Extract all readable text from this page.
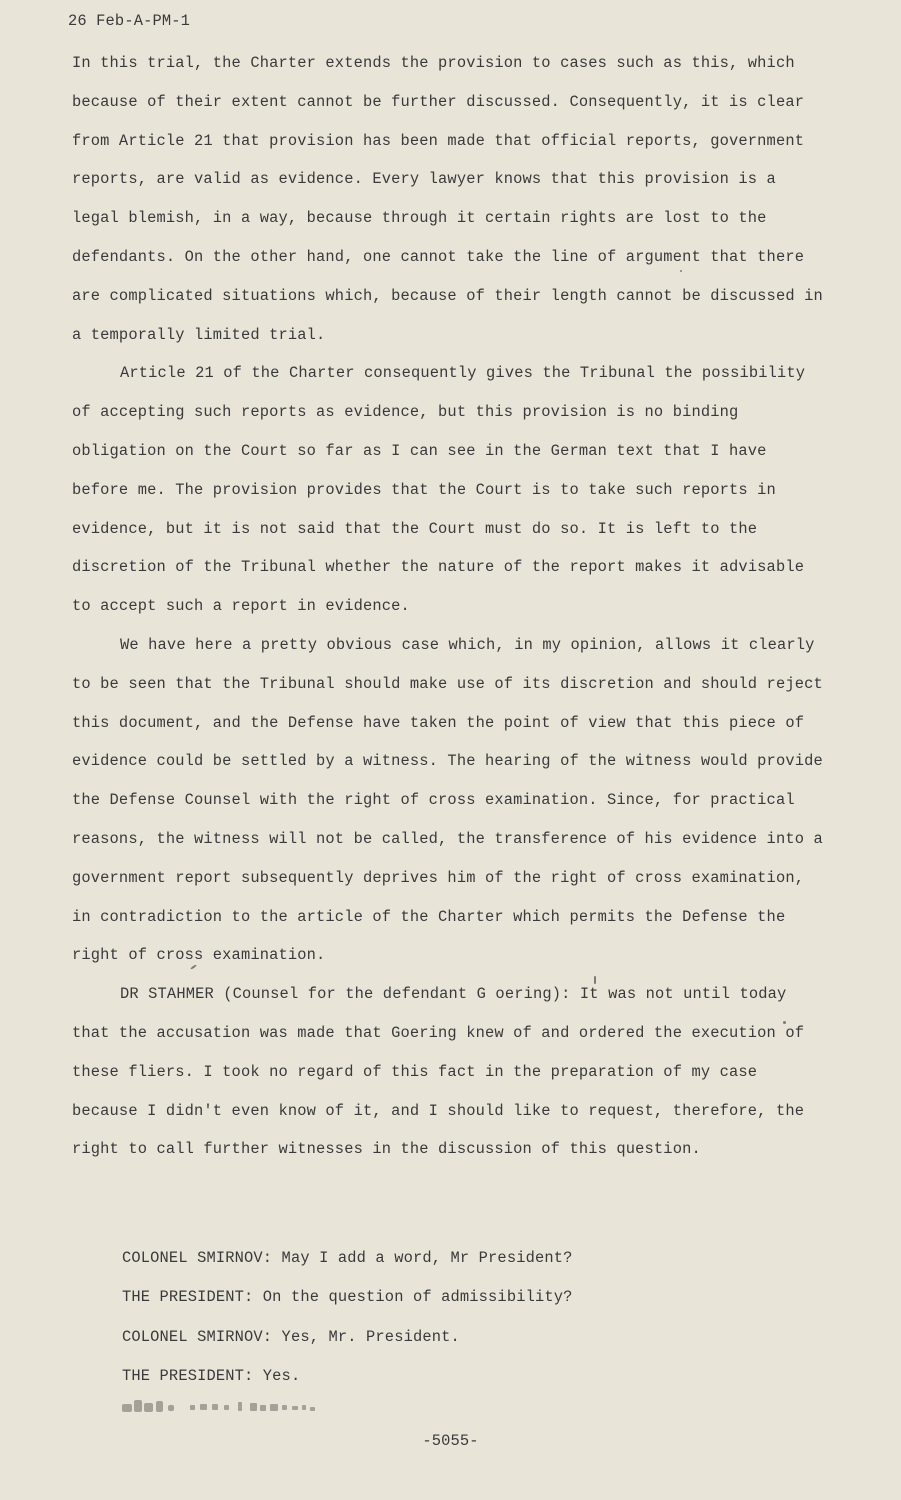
26 Feb-A-PM-1

In this trial, the Charter extends the provision to cases such as this, which because of their extent cannot be further discussed. Consequently, it is clear from Article 21 that provision has been made that official reports, government reports, are valid as evidence. Every lawyer knows that this provision is a legal blemish, in a way, because through it certain rights are lost to the defendants. On the other hand, one cannot take the line of argument that there are complicated situations which, because of their length cannot be discussed in a temporally limited trial.

Article 21 of the Charter consequently gives the Tribunal the possibility of accepting such reports as evidence, but this provision is no binding obligation on the Court so far as I can see in the German text that I have before me. The provision provides that the Court is to take such reports in evidence, but it is not said that the Court must do so. It is left to the discretion of the Tribunal whether the nature of the report makes it advisable to accept such a report in evidence.

We have here a pretty obvious case which, in my opinion, allows it clearly to be seen that the Tribunal should make use of its discretion and should reject this document, and the Defense have taken the point of view that this piece of evidence could be settled by a witness. The hearing of the witness would provide the Defense Counsel with the right of cross examination. Since, for practical reasons, the witness will not be called, the transference of his evidence into a government report subsequently deprives him of the right of cross examination, in contradiction to the article of the Charter which permits the Defense the right of cross examination.

DR STAHMER (Counsel for the defendant G oering): It was not until today that the accusation was made that Goering knew of and ordered the execution of these fliers. I took no regard of this fact in the preparation of my case because I didn't even know of it, and I should like to request, therefore, the right to call further witnesses in the discussion of this question.

COLONEL SMIRNOV: May I add a word, Mr President?

THE PRESIDENT: On the question of admissibility?

COLONEL SMIRNOV: Yes, Mr. President.

THE PRESIDENT: Yes.

-5055-
